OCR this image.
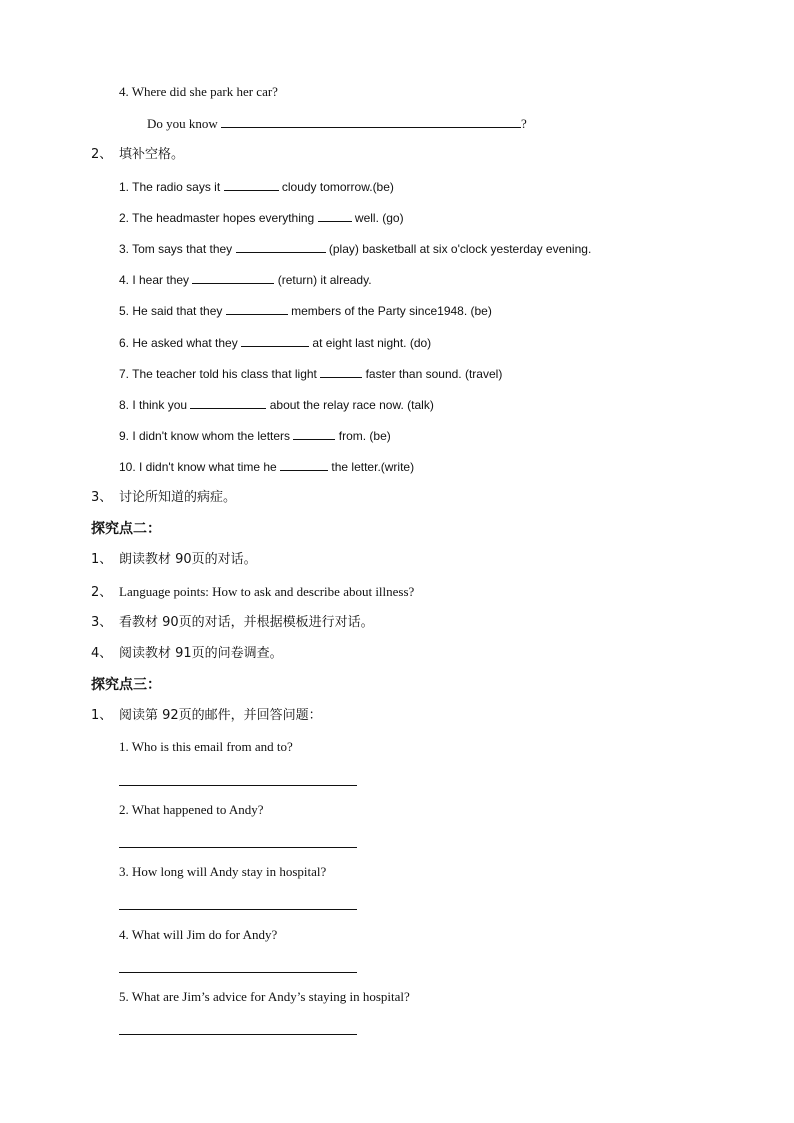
4. Where did she park her car?
Do you know	?
2、 填补空格。
1. The radio says it	cloudy tomorrow.(be)
2. The headmaster hopes everything	well. (go)
3. Tom says that they	(play) basketball at six o'clock yesterday evening.
4. I hear they	(return) it already.
5. He said that they	members of the Party since1948. (be)
6. He asked what they	at eight last night. (do)
7. The teacher told his class that light	faster than sound. (travel)
8. I think you	about the relay race now. (talk)
9. I didn't know whom the letters	from. (be)
10. I didn't know what time he	the letter.(write)
3、 讨论所知道的病症。
探究点二：
1、 朗读教材 90页的对话。
2、 Language points: How to ask and describe about illness?
3、 看教材 90页的对话，并根据模板进行对话。
4、 阅读教材 91页的问卷调查。
探究点三：
1、 阅读第 92页的邮件，并回答问题：
1. Who is this email from and to?
2. What happened to Andy?
3. How long will Andy stay in hospital?
4. What will Jim do for Andy?
5. What are Jim’s advice for Andy’s staying in hospital?
